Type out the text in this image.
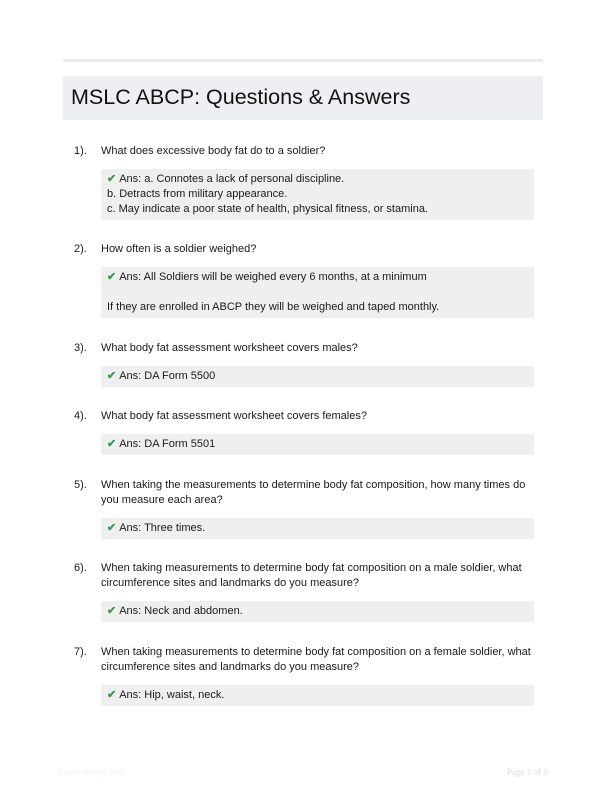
MSLC ABCP: Questions & Answers
1). What does excessive body fat do to a soldier?
✔ Ans: a. Connotes a lack of personal discipline.
b. Detracts from military appearance.
c. May indicate a poor state of health, physical fitness, or stamina.
2). How often is a soldier weighed?
✔ Ans: All Soldiers will be weighed every 6 months, at a minimum
If they are enrolled in ABCP they will be weighed and taped monthly.
3). What body fat assessment worksheet covers males?
✔ Ans: DA Form 5500
4). What body fat assessment worksheet covers females?
✔ Ans: DA Form 5501
5). When taking the measurements to determine body fat composition, how many times do you measure each area?
✔ Ans: Three times.
6). When taking measurements to determine body fat composition on a male soldier, what circumference sites and landmarks do you measure?
✔ Ans: Neck and abdomen.
7). When taking measurements to determine body fat composition on a female soldier, what circumference sites and landmarks do you measure?
✔ Ans: Hip, waist, neck.
Paperlibrary.com	Page 1 of 9
